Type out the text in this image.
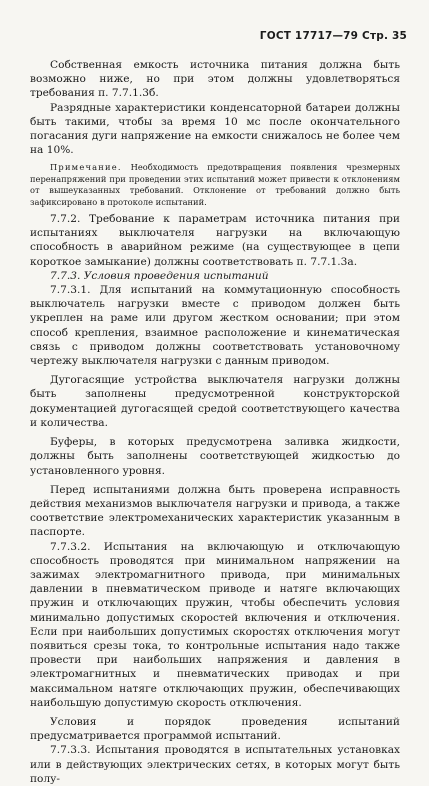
ГОСТ 17717—79 Стр. 35

Собственная емкость источника питания должна быть возможно ниже, но при этом должны удовлетворяться требования п. 7.7.1.3б.

Разрядные характеристики конденсаторной батареи должны быть такими, чтобы за время 10 мс после окончательного погасания дуги напряжение на емкости снижалось не более чем на 10%.

Примечание. Необходимость предотвращения появления чрезмерных перенапряжений при проведении этих испытаний может привести к отклонениям от вышеуказанных требований. Отклонение от требований должно быть зафиксировано в протоколе испытаний.

7.7.2. Требование к параметрам источника питания при испытаниях выключателя нагрузки на включающую способность в аварийном режиме (на существующее в цепи короткое замыкание) должны соответствовать п. 7.7.1.3а.

7.7.3. Условия проведения испытаний

7.7.3.1. Для испытаний на коммутационную способность выключатель нагрузки вместе с приводом должен быть укреплен на раме или другом жестком основании; при этом способ крепления, взаимное расположение и кинематическая связь с приводом должны соответствовать установочному чертежу выключателя нагрузки с данным приводом.

Дугогасящие устройства выключателя нагрузки должны быть заполнены предусмотренной конструкторской документацией дугогасящей средой соответствующего качества и количества.

Буферы, в которых предусмотрена заливка жидкости, должны быть заполнены соответствующей жидкостью до установленного уровня.

Перед испытаниями должна быть проверена исправность действия механизмов выключателя нагрузки и привода, а также соответствие электромеханических характеристик указанным в паспорте.

7.7.3.2. Испытания на включающую и отключающую способность проводятся при минимальном напряжении на зажимах электромагнитного привода, при минимальных давлении в пневматическом приводе и натяге включающих пружин и отключающих пружин, чтобы обеспечить условия минимально допустимых скоростей включения и отключения. Если при наибольших допустимых скоростях отключения могут появиться срезы тока, то контрольные испытания надо также провести при наибольших напряжения и давления в электромагнитных и пневматических приводах и при максимальном натяге отключающих пружин, обеспечивающих наибольшую допустимую скорость отключения.

Условия и порядок проведения испытаний предусматривается программой испытаний.

7.7.3.3. Испытания проводятся в испытательных установках или в действующих электрических сетях, в которых могут быть полу-
